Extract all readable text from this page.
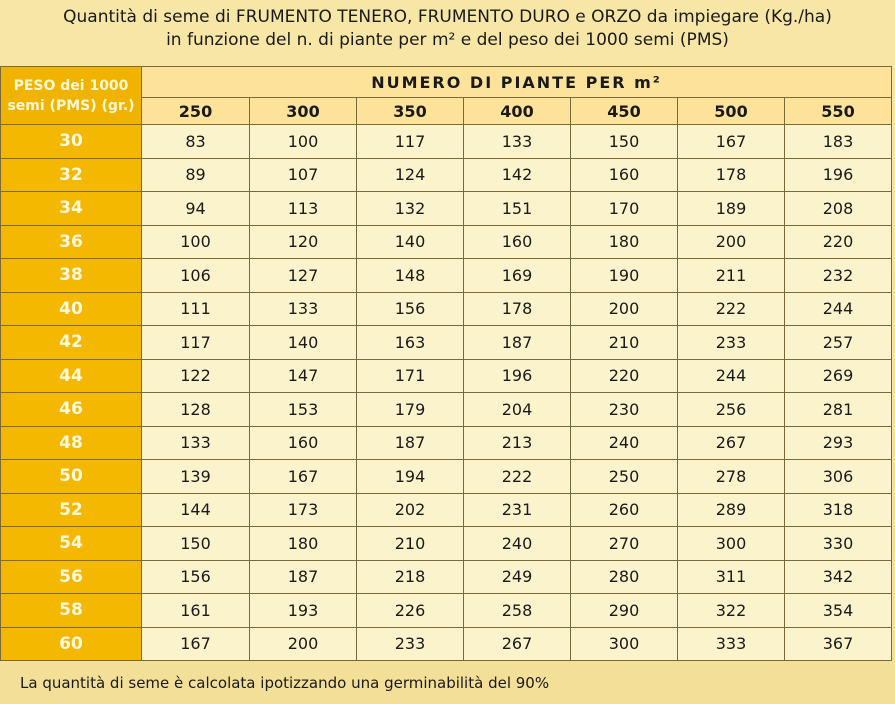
Quantità di seme di FRUMENTO TENERO, FRUMENTO DURO e ORZO da impiegare (Kg./ha)
in funzione del n. di piante per m² e del peso dei 1000 semi (PMS)
PESO dei 1000
semi (PMS) (gr.)	NUMERO DI PIANTE PER m²						
	250	300	350	400	450	500	550
30	83	100	117	133	150	167	183
32	89	107	124	142	160	178	196
34	94	113	132	151	170	189	208
36	100	120	140	160	180	200	220
38	106	127	148	169	190	211	232
40	111	133	156	178	200	222	244
42	117	140	163	187	210	233	257
44	122	147	171	196	220	244	269
46	128	153	179	204	230	256	281
48	133	160	187	213	240	267	293
50	139	167	194	222	250	278	306
52	144	173	202	231	260	289	318
54	150	180	210	240	270	300	330
56	156	187	218	249	280	311	342
58	161	193	226	258	290	322	354
60	167	200	233	267	300	333	367
La quantità di seme è calcolata ipotizzando una germinabilità del 90%
